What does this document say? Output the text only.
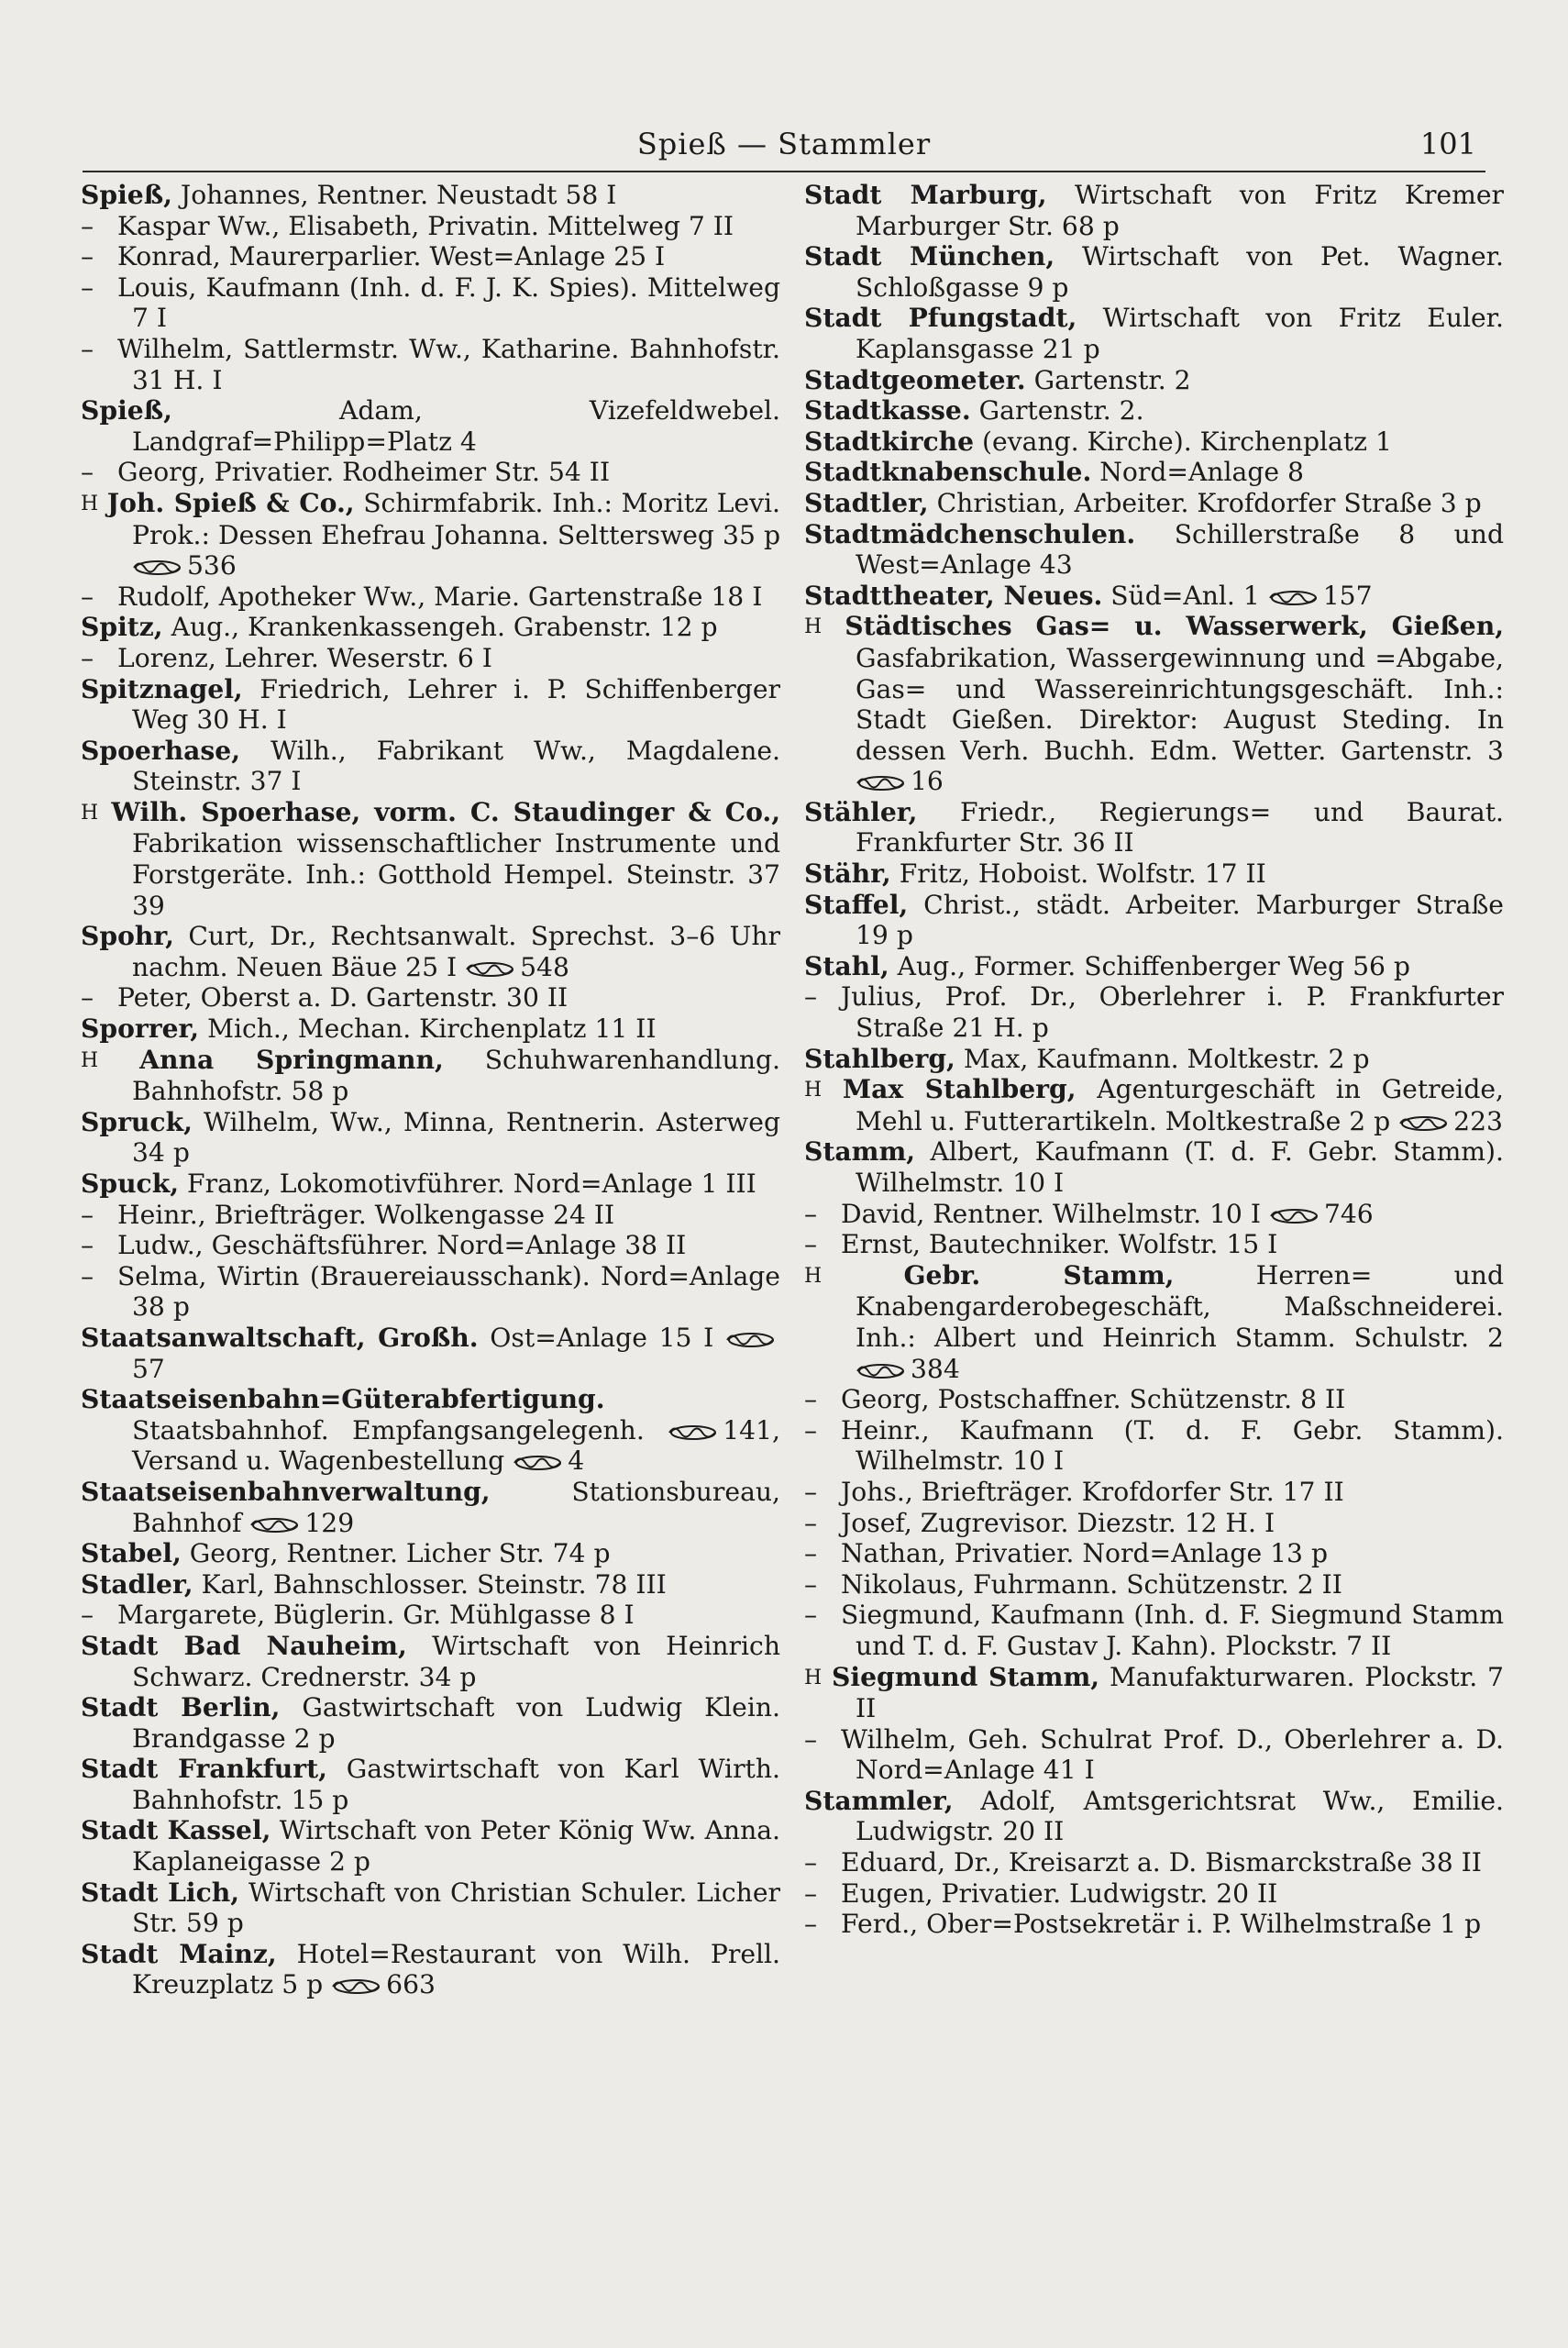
Spieß — Stammler	101

Spieß, Johannes, Rentner. Neustadt 58 I

– Kaspar Ww., Elisabeth, Privatin. Mittelweg 7 II

– Konrad, Maurerparlier. West=Anlage 25 I

– Louis, Kaufmann (Inh. d. F. J. K. Spies). Mittelweg 7 I

– Wilhelm, Sattlermstr. Ww., Katharine. Bahnhofstr. 31 H. I

Spieß,	Adam, Vizefeldwebel. Landgraf=Philipp=Platz 4

– Georg, Privatier. Rodheimer Str. 54 II

H Joh. Spieß & Co., Schirmfabrik. Inh.: Moritz Levi. Prok.: Dessen Ehefrau Johanna. Selttersweg 35 p 536

– Rudolf, Apotheker Ww., Marie. Gartenstraße 18 I

Spitz, Aug., Krankenkassengeh. Grabenstr. 12 p

– Lorenz, Lehrer. Weserstr. 6 I

Spitznagel, Friedrich, Lehrer i. P. Schiffenberger Weg 30 H. I

Spoerhase, Wilh., Fabrikant Ww., Magdalene. Steinstr. 37 I

H Wilh. Spoerhase, vorm. C. Staudinger & Co., Fabrikation wissenschaftlicher Instrumente und Forstgeräte. Inh.: Gotthold Hempel. Steinstr. 37 39

Spohr, Curt, Dr., Rechtsanwalt. Sprechst. 3–6 Uhr nachm. Neuen Bäue 25 I 548

– Peter, Oberst a. D. Gartenstr. 30 II

Sporrer, Mich., Mechan. Kirchenplatz 11 II

H Anna Springmann, Schuhwarenhandlung. Bahnhofstr. 58 p

Spruck, Wilhelm, Ww., Minna, Rentnerin. Asterweg 34 p

Spuck, Franz, Lokomotivführer. Nord=Anlage 1 III

– Heinr., Briefträger. Wolkengasse 24 II

– Ludw., Geschäftsführer. Nord=Anlage 38 II

– Selma, Wirtin (Brauereiausschank). Nord=Anlage 38 p

Staatsanwaltschaft, Großh. Ost=Anlage 15 I 57

Staatseisenbahn=Güterabfertigung. Staatsbahnhof. Empfangsangelegenh.	141, Versand u. Wagenbestellung 4

Staatseisenbahnverwaltung,	Stationsbureau, Bahnhof 129

Stabel, Georg, Rentner. Licher Str. 74 p

Stadler, Karl, Bahnschlosser. Steinstr. 78 III

– Margarete, Büglerin. Gr. Mühlgasse 8 I

Stadt Bad Nauheim, Wirtschaft von Heinrich Schwarz. Crednerstr. 34 p

Stadt Berlin, Gastwirtschaft von Ludwig Klein. Brandgasse 2 p

Stadt Frankfurt, Gastwirtschaft von Karl Wirth. Bahnhofstr. 15 p

Stadt Kassel, Wirtschaft von Peter König Ww. Anna. Kaplaneigasse 2 p

Stadt Lich, Wirtschaft von Christian Schuler. Licher Str. 59 p

Stadt Mainz, Hotel=Restaurant von Wilh. Prell. Kreuzplatz 5 p 663

Stadt Marburg, Wirtschaft von Fritz Kremer Marburger Str. 68 p

Stadt München, Wirtschaft von Pet. Wagner. Schloßgasse 9 p

Stadt Pfungstadt, Wirtschaft von Fritz Euler. Kaplansgasse 21 p

Stadtgeometer. Gartenstr. 2

Stadtkasse. Gartenstr. 2.

Stadtkirche (evang. Kirche). Kirchenplatz 1

Stadtknabenschule. Nord=Anlage 8

Stadtler, Christian, Arbeiter. Krofdorfer Straße 3 p

Stadtmädchenschulen. Schillerstraße 8 und West=Anlage 43

Stadttheater, Neues. Süd=Anl. 1 157

H Städtisches Gas= u. Wasserwerk, Gießen, Gasfabrikation, Wassergewinnung und =Abgabe, Gas= und Wassereinrichtungsgeschäft. Inh.: Stadt Gießen. Direktor: August Steding. In dessen Verh. Buchh. Edm. Wetter. Gartenstr. 3 16

Stähler, Friedr., Regierungs= und Baurat. Frankfurter Str. 36 II

Stähr, Fritz, Hoboist. Wolfstr. 17 II

Staffel, Christ., städt. Arbeiter. Marburger Straße 19 p

Stahl, Aug., Former. Schiffenberger Weg 56 p

– Julius, Prof. Dr., Oberlehrer i. P. Frankfurter Straße 21 H. p

Stahlberg, Max, Kaufmann. Moltkestr. 2 p

H Max Stahlberg, Agenturgeschäft in Getreide, Mehl u. Futterartikeln. Moltkestraße 2 p 223

Stamm, Albert, Kaufmann (T. d. F. Gebr. Stamm). Wilhelmstr. 10 I

– David, Rentner. Wilhelmstr. 10 I 746

– Ernst, Bautechniker. Wolfstr. 15 I

H	Gebr. Stamm,	Herren= und Knabengarderobegeschäft, Maßschneiderei. Inh.: Albert und Heinrich Stamm. Schulstr. 2 384

– Georg, Postschaffner. Schützenstr. 8 II

– Heinr., Kaufmann (T. d. F. Gebr. Stamm). Wilhelmstr. 10 I

– Johs., Briefträger. Krofdorfer Str. 17 II

– Josef, Zugrevisor. Diezstr. 12 H. I

– Nathan, Privatier. Nord=Anlage 13 p

– Nikolaus, Fuhrmann. Schützenstr. 2 II

– Siegmund, Kaufmann (Inh. d. F. Siegmund Stamm und T. d. F. Gustav J. Kahn). Plockstr. 7 II

H Siegmund Stamm, Manufakturwaren. Plockstr. 7 II

– Wilhelm, Geh. Schulrat Prof. D., Oberlehrer a. D. Nord=Anlage 41 I

Stammler, Adolf, Amtsgerichtsrat Ww., Emilie. Ludwigstr. 20 II

– Eduard, Dr., Kreisarzt a. D. Bismarckstraße 38 II

– Eugen, Privatier. Ludwigstr. 20 II

– Ferd., Ober=Postsekretär i. P. Wilhelmstraße 1 p
